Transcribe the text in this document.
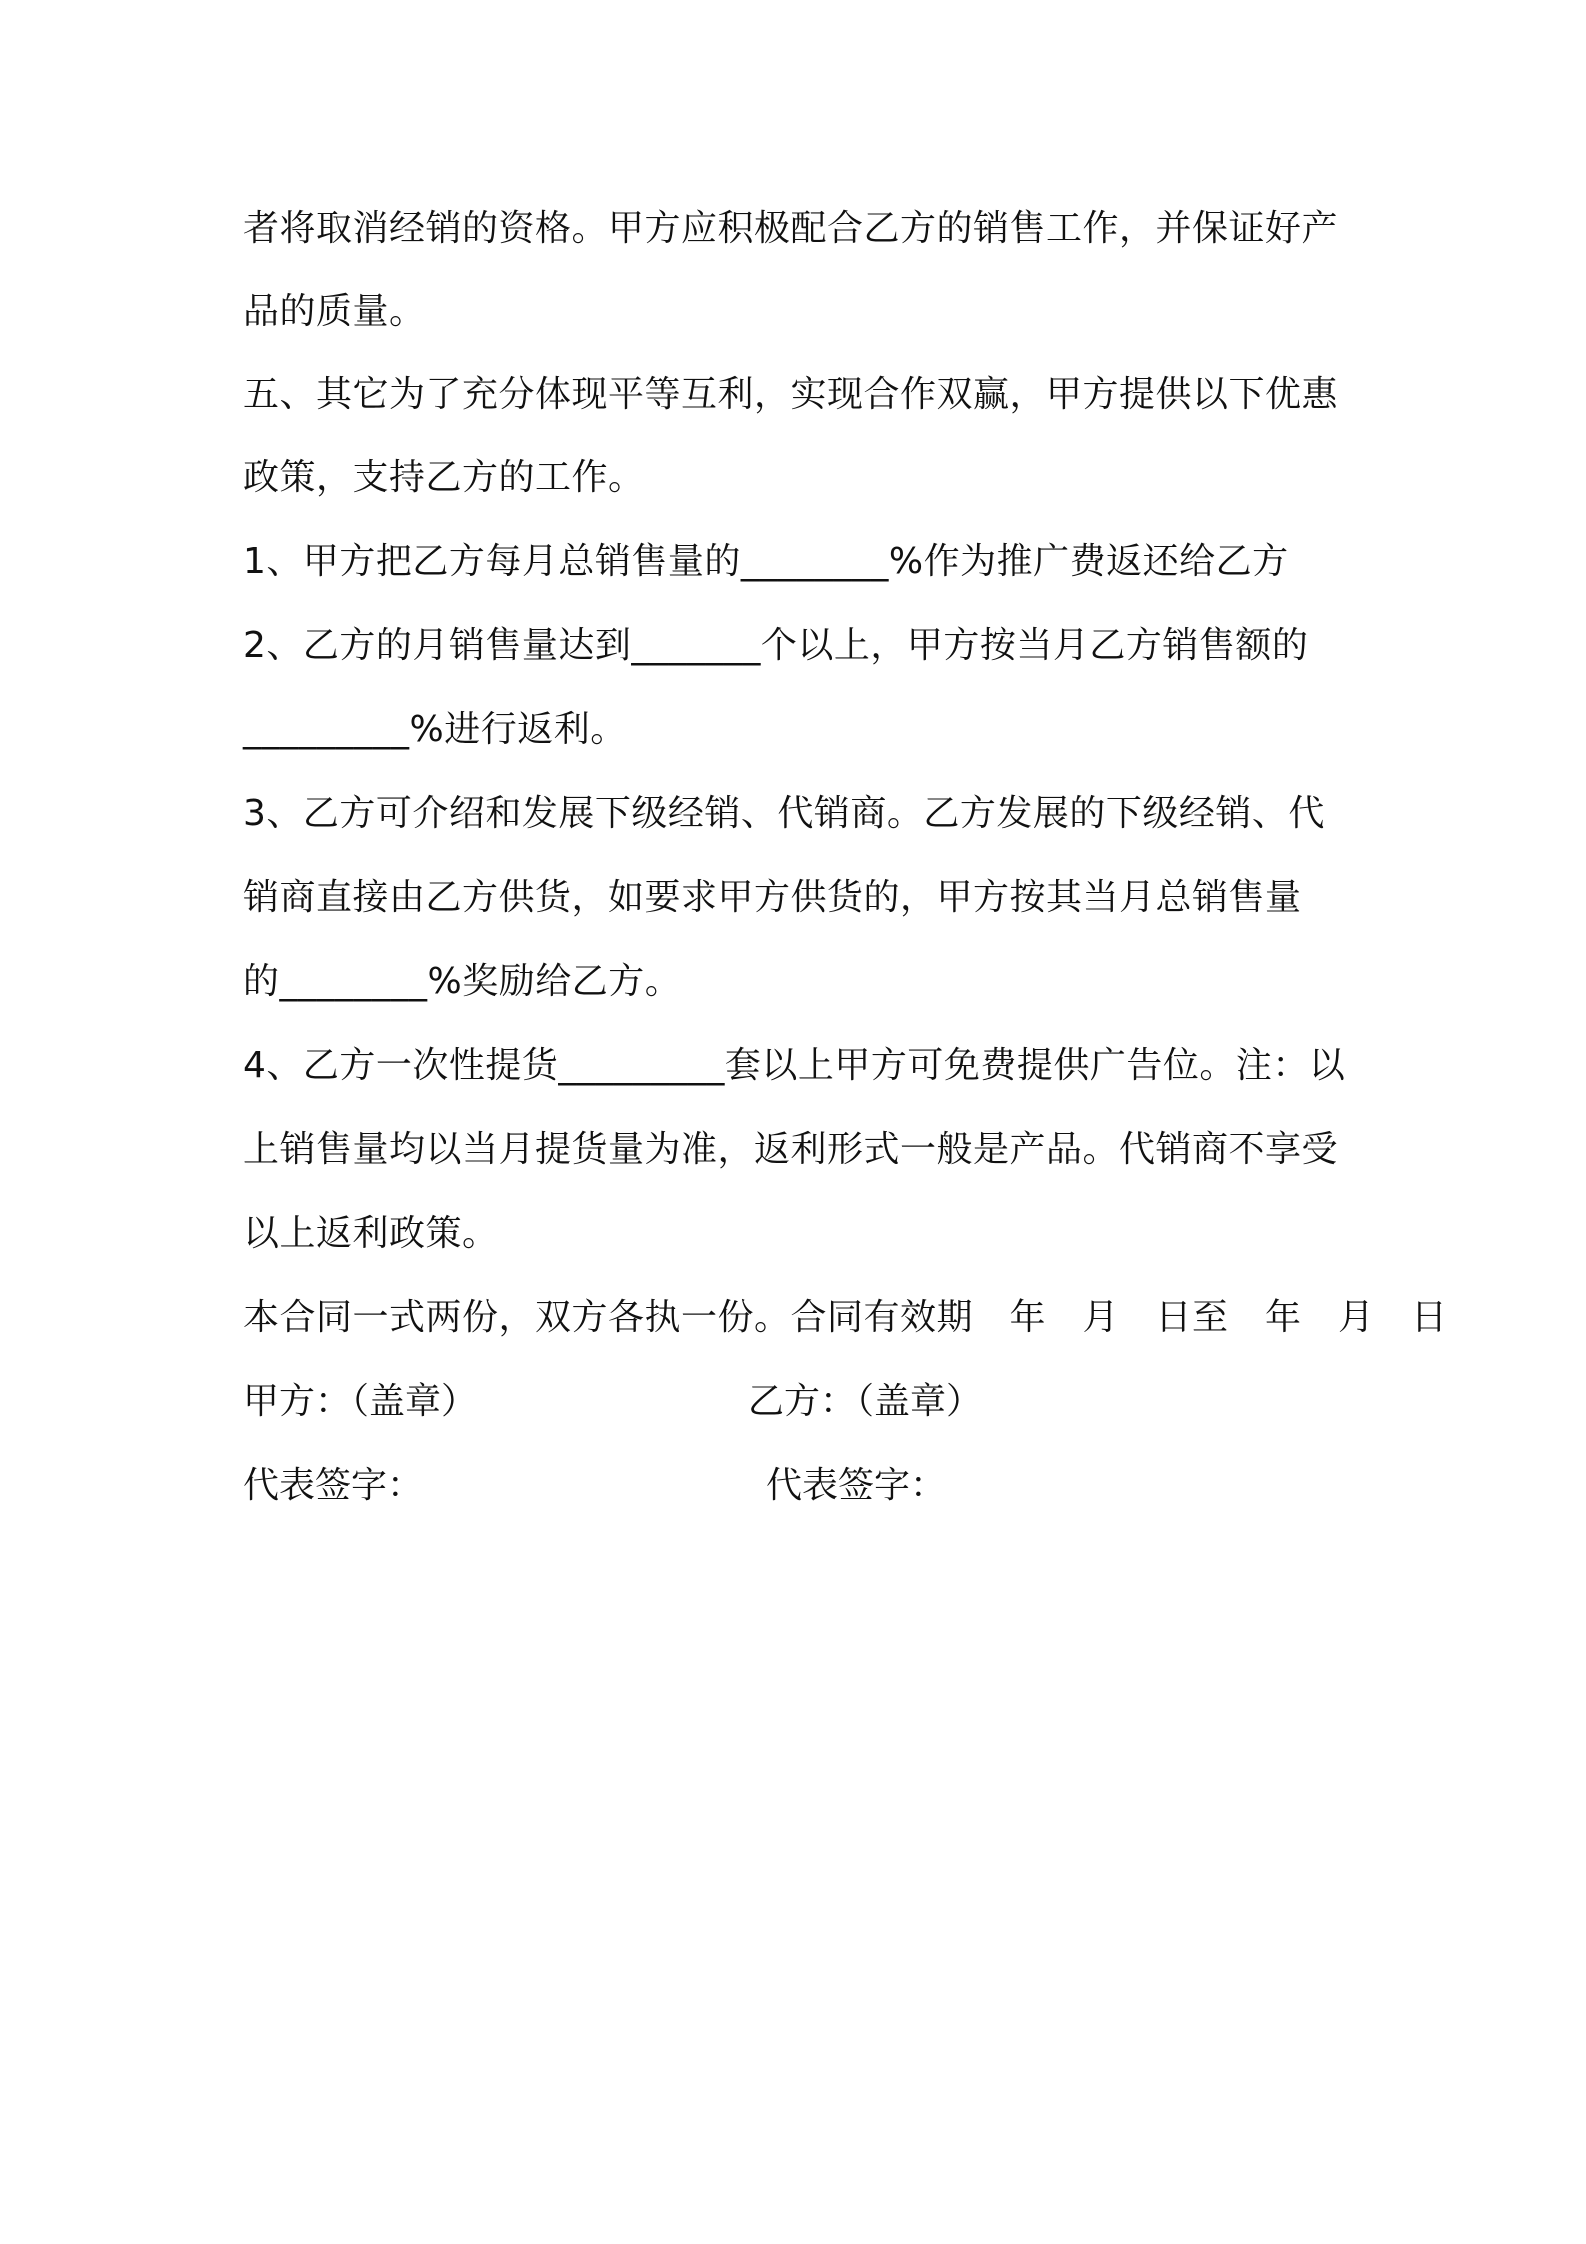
者将取消经销的资格。甲方应积极配合乙方的销售工作，并保证好产
品的质量。
五、其它为了充分体现平等互利，实现合作双赢，甲方提供以下优惠
政策，支持乙方的工作。
1、甲方把乙方每月总销售量的________%作为推广费返还给乙方
2、乙方的月销售量达到_______个以上，甲方按当月乙方销售额的
_________%进行返利。
3、乙方可介绍和发展下级经销、代销商。乙方发展的下级经销、代
销商直接由乙方供货，如要求甲方供货的，甲方按其当月总销售量
的________%奖励给乙方。
4、乙方一次性提货_________套以上甲方可免费提供广告位。注：以
上销售量均以当月提货量为准，返利形式一般是产品。代销商不享受
以上返利政策。
本合同一式两份，双方各执一份。合同有效期　年　月　日至　年　月　日
甲方：（盖章）	乙方：（盖章）
代表签字：	代表签字：
